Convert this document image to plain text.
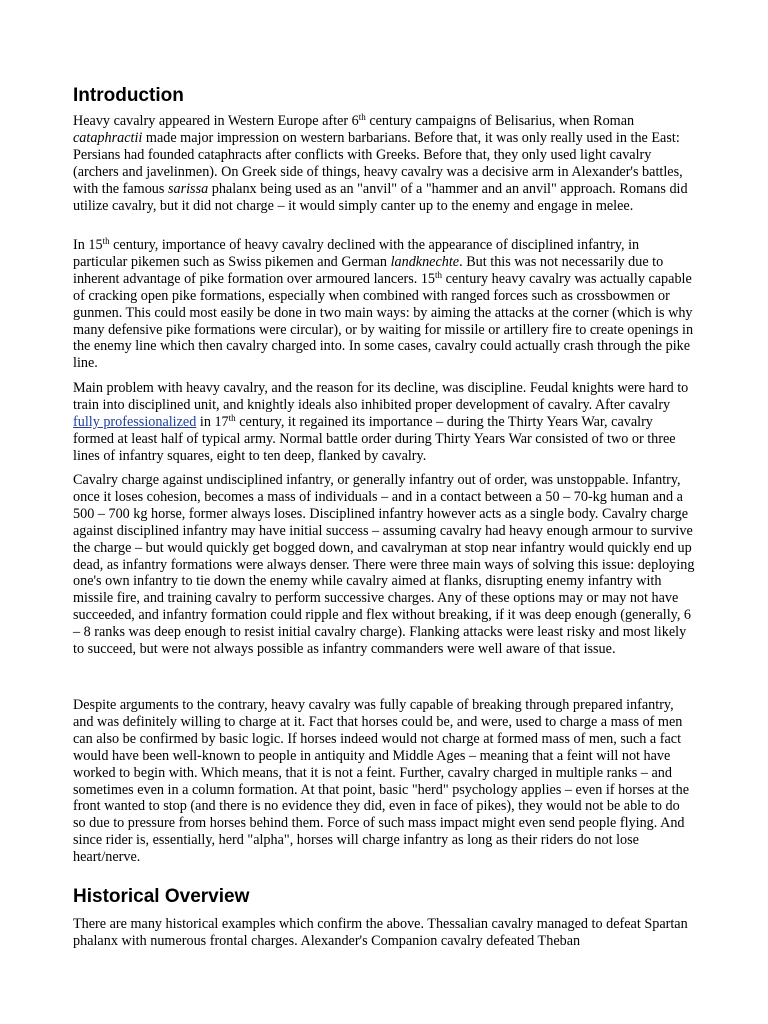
Introduction

Heavy cavalry appeared in Western Europe after 6th century campaigns of Belisarius, when Roman cataphractii made major impression on western barbarians. Before that, it was only really used in the East: Persians had founded cataphracts after conflicts with Greeks. Before that, they only used light cavalry (archers and javelinmen). On Greek side of things, heavy cavalry was a decisive arm in Alexander's battles, with the famous sarissa phalanx being used as an "anvil" of a "hammer and an anvil" approach. Romans did utilize cavalry, but it did not charge – it would simply canter up to the enemy and engage in melee.

In 15th century, importance of heavy cavalry declined with the appearance of disciplined infantry, in particular pikemen such as Swiss pikemen and German landknechte. But this was not necessarily due to inherent advantage of pike formation over armoured lancers. 15th century heavy cavalry was actually capable of cracking open pike formations, especially when combined with ranged forces such as crossbowmen or gunmen. This could most easily be done in two main ways: by aiming the attacks at the corner (which is why many defensive pike formations were circular), or by waiting for missile or artillery fire to create openings in the enemy line which then cavalry charged into. In some cases, cavalry could actually crash through the pike line.

Main problem with heavy cavalry, and the reason for its decline, was discipline. Feudal knights were hard to train into disciplined unit, and knightly ideals also inhibited proper development of cavalry. After cavalry fully professionalized in 17th century, it regained its importance – during the Thirty Years War, cavalry formed at least half of typical army. Normal battle order during Thirty Years War consisted of two or three lines of infantry squares, eight to ten deep, flanked by cavalry.

Cavalry charge against undisciplined infantry, or generally infantry out of order, was unstoppable. Infantry, once it loses cohesion, becomes a mass of individuals – and in a contact between a 50 – 70-kg human and a 500 – 700 kg horse, former always loses. Disciplined infantry however acts as a single body. Cavalry charge against disciplined infantry may have initial success – assuming cavalry had heavy enough armour to survive the charge – but would quickly get bogged down, and cavalryman at stop near infantry would quickly end up dead, as infantry formations were always denser. There were three main ways of solving this issue: deploying one's own infantry to tie down the enemy while cavalry aimed at flanks, disrupting enemy infantry with missile fire, and training cavalry to perform successive charges. Any of these options may or may not have succeeded, and infantry formation could ripple and flex without breaking, if it was deep enough (generally, 6 – 8 ranks was deep enough to resist initial cavalry charge). Flanking attacks were least risky and most likely to succeed, but were not always possible as infantry commanders were well aware of that issue.

Despite arguments to the contrary, heavy cavalry was fully capable of breaking through prepared infantry, and was definitely willing to charge at it. Fact that horses could be, and were, used to charge a mass of men can also be confirmed by basic logic. If horses indeed would not charge at formed mass of men, such a fact would have been well-known to people in antiquity and Middle Ages – meaning that a feint will not have worked to begin with. Which means, that it is not a feint. Further, cavalry charged in multiple ranks – and sometimes even in a column formation. At that point, basic "herd" psychology applies – even if horses at the front wanted to stop (and there is no evidence they did, even in face of pikes), they would not be able to do so due to pressure from horses behind them. Force of such mass impact might even send people flying. And since rider is, essentially, herd "alpha", horses will charge infantry as long as their riders do not lose heart/nerve.

Historical Overview

There are many historical examples which confirm the above. Thessalian cavalry managed to defeat Spartan phalanx with numerous frontal charges. Alexander's Companion cavalry defeated Theban
